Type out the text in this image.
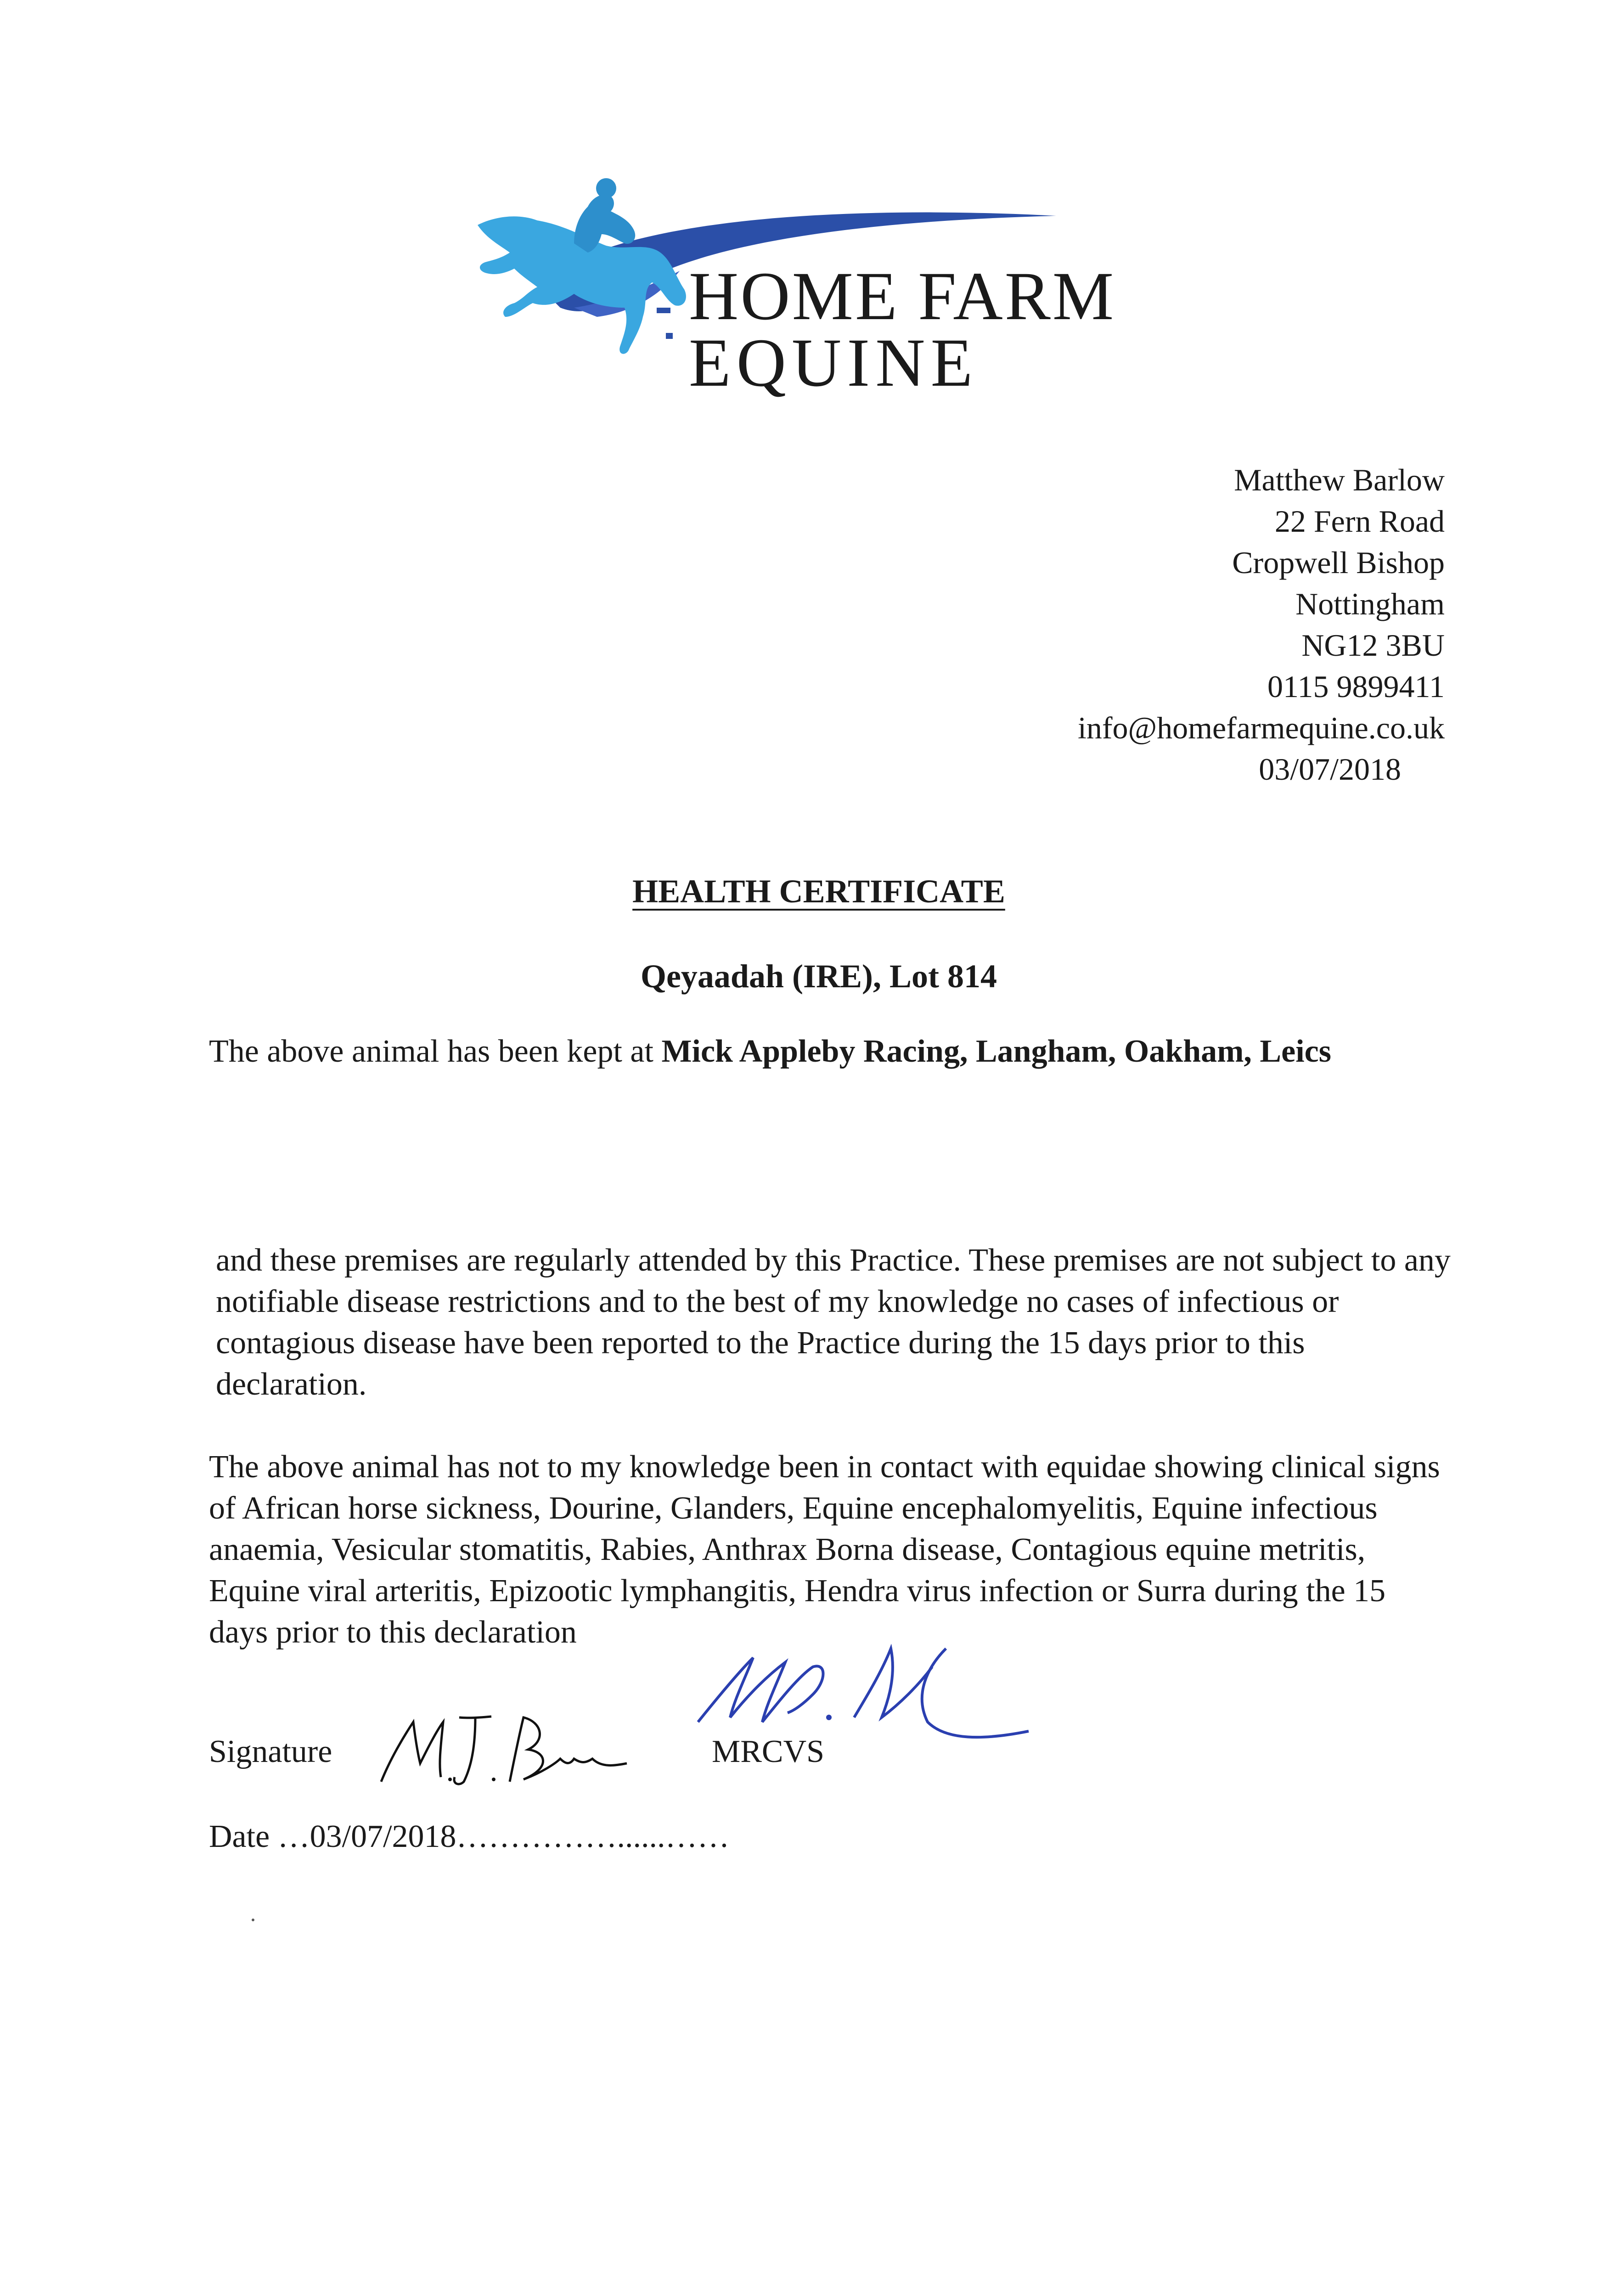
HOME FARM
EQUINE
Matthew Barlow
22 Fern Road
Cropwell Bishop
Nottingham
NG12 3BU
0115 9899411
info@homefarmequine.co.uk
03/07/2018
HEALTH CERTIFICATE
Qeyaadah (IRE), Lot 814
The above animal has been kept at Mick Appleby Racing, Langham, Oakham, Leics
and these premises are regularly attended by this Practice. These premises are not subject to any notifiable disease restrictions and to the best of my knowledge no cases of infectious or contagious disease have been reported to the Practice during the 15 days prior to this declaration.
The above animal has not to my knowledge been in contact with equidae showing clinical signs of African horse sickness, Dourine, Glanders, Equine encephalomyelitis, Equine infectious anaemia, Vesicular stomatitis, Rabies, Anthrax Borna disease, Contagious equine metritis, Equine viral arteritis, Epizootic lymphangitis, Hendra virus infection or Surra during the 15 days prior to this declaration
Signature	MRCVS
Date …03/07/2018……………......……
